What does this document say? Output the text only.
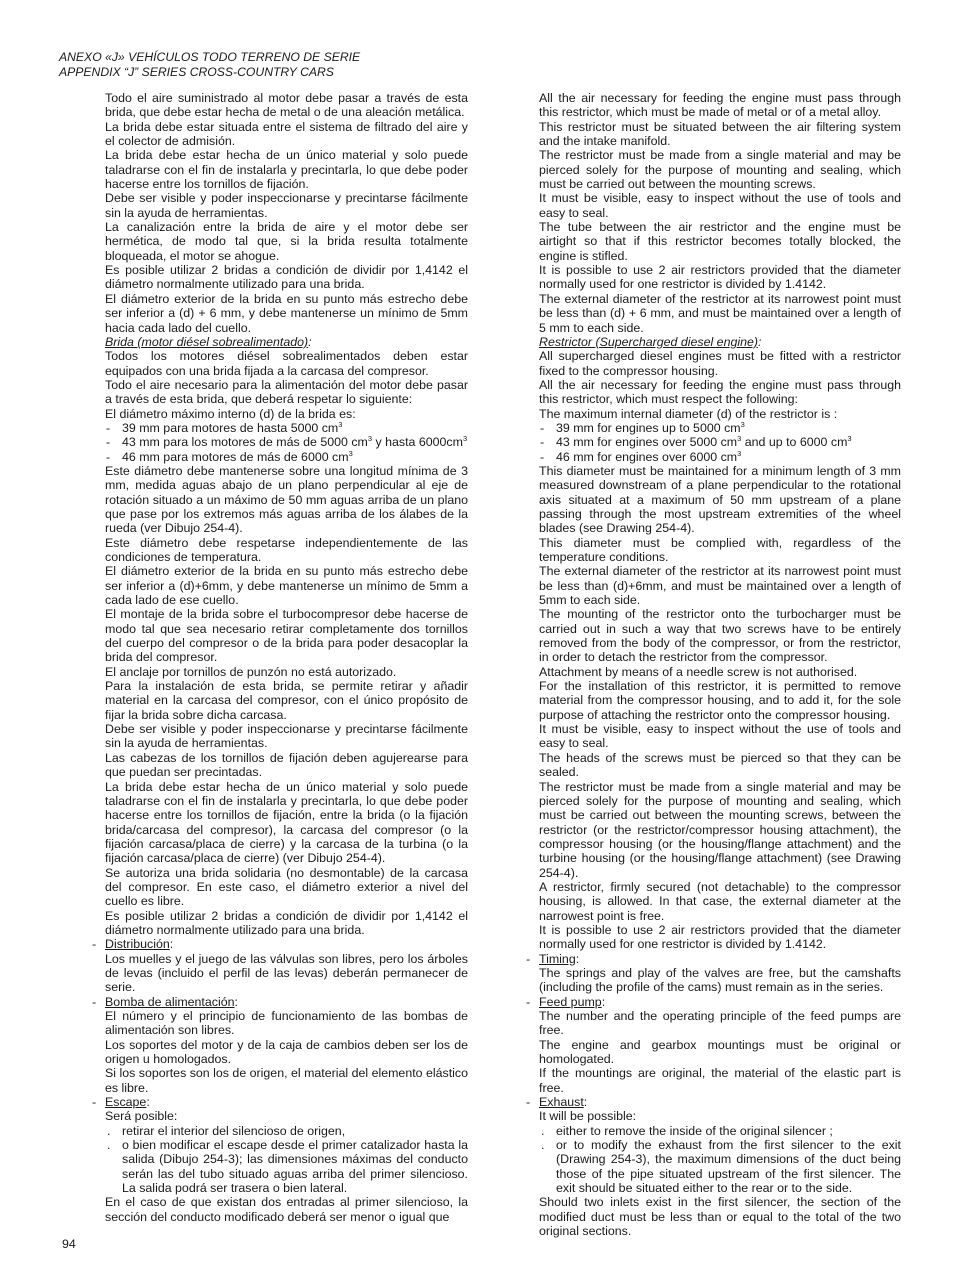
ANEXO «J» VEHÍCULOS TODO TERRENO DE SERIE
APPENDIX “J” SERIES CROSS-COUNTRY CARS

Todo el aire suministrado al motor debe pasar a través de esta brida, que debe estar hecha de metal o de una aleación metálica.

La brida debe estar situada entre el sistema de filtrado del aire y el colector de admisión.

La brida debe estar hecha de un único material y solo puede taladrarse con el fin de instalarla y precintarla, lo que debe poder hacerse entre los tornillos de fijación.

Debe ser visible y poder inspeccionarse y precintarse fácilmente sin la ayuda de herramientas.

La canalización entre la brida de aire y el motor debe ser hermética, de modo tal que, si la brida resulta totalmente bloqueada, el motor se ahogue.

Es posible utilizar 2 bridas a condición de dividir por 1,4142 el diámetro normalmente utilizado para una brida.

El diámetro exterior de la brida en su punto más estrecho debe ser inferior a (d) + 6 mm, y debe mantenerse un mínimo de 5mm hacia cada lado del cuello.

Brida (motor diésel sobrealimentado):

Todos los motores diésel sobrealimentados deben estar equipados con una brida fijada a la carcasa del compresor.

Todo el aire necesario para la alimentación del motor debe pasar a través de esta brida, que deberá respetar lo siguiente:

El diámetro máximo interno (d) de la brida es:

- 39 mm para motores de hasta 5000 $cm^3$
- 43 mm para los motores de más de 5000 $cm^3$ y hasta $6000cm^3$
- 46 mm para motores de más de 6000 $cm^3$

Este diámetro debe mantenerse sobre una longitud mínima de 3 mm, medida aguas abajo de un plano perpendicular al eje de rotación situado a un máximo de 50 mm aguas arriba de un plano que pase por los extremos más aguas arriba de los álabes de la rueda (ver Dibujo 254-4).

Este diámetro debe respetarse independientemente de las condiciones de temperatura.

El diámetro exterior de la brida en su punto más estrecho debe ser inferior a (d)+6mm, y debe mantenerse un mínimo de 5mm a cada lado de ese cuello.

El montaje de la brida sobre el turbocompresor debe hacerse de modo tal que sea necesario retirar completamente dos tornillos del cuerpo del compresor o de la brida para poder desacoplar la brida del compresor.

El anclaje por tornillos de punzón no está autorizado.

Para la instalación de esta brida, se permite retirar y añadir material en la carcasa del compresor, con el único propósito de fijar la brida sobre dicha carcasa.

Debe ser visible y poder inspeccionarse y precintarse fácilmente sin la ayuda de herramientas.

Las cabezas de los tornillos de fijación deben agujerearse para que puedan ser precintadas.

La brida debe estar hecha de un único material y solo puede taladrarse con el fin de instalarla y precintarla, lo que debe poder hacerse entre los tornillos de fijación, entre la brida (o la fijación brida/carcasa del compresor), la carcasa del compresor (o la fijación carcasa/placa de cierre) y la carcasa de la turbina (o la fijación carcasa/placa de cierre) (ver Dibujo 254-4).

Se autoriza una brida solidaria (no desmontable) de la carcasa del compresor. En este caso, el diámetro exterior a nivel del cuello es libre.

Es posible utilizar 2 bridas a condición de dividir por 1,4142 el diámetro normalmente utilizado para una brida.

- Distribución:

Los muelles y el juego de las válvulas son libres, pero los árboles de levas (incluido el perfil de las levas) deberán permanecer de serie.

- Bomba de alimentación:

El número y el principio de funcionamiento de las bombas de alimentación son libres.

Los soportes del motor y de la caja de cambios deben ser los de origen u homologados.

Si los soportes son los de origen, el material del elemento elástico es libre.

- Escape:

Será posible:

. retirar el interior del silencioso de origen,
. o bien modificar el escape desde el primer catalizador hasta la salida (Dibujo 254-3); las dimensiones máximas del conducto serán las del tubo situado aguas arriba del primer silencioso. La salida podrá ser trasera o bien lateral.

En el caso de que existan dos entradas al primer silencioso, la sección del conducto modificado deberá ser menor o igual que

All the air necessary for feeding the engine must pass through this restrictor, which must be made of metal or of a metal alloy.

This restrictor must be situated between the air filtering system and the intake manifold.

The restrictor must be made from a single material and may be pierced solely for the purpose of mounting and sealing, which must be carried out between the mounting screws.

It must be visible, easy to inspect without the use of tools and easy to seal.

The tube between the air restrictor and the engine must be airtight so that if this restrictor becomes totally blocked, the engine is stifled.

It is possible to use 2 air restrictors provided that the diameter normally used for one restrictor is divided by 1.4142.

The external diameter of the restrictor at its narrowest point must be less than (d) + 6 mm, and must be maintained over a length of 5 mm to each side.

Restrictor (Supercharged diesel engine):

All supercharged diesel engines must be fitted with a restrictor fixed to the compressor housing.

All the air necessary for feeding the engine must pass through this restrictor, which must respect the following:

The maximum internal diameter (d) of the restrictor is :

- 39 mm for engines up to 5000 $cm^3$
- 43 mm for engines over 5000 $cm^3$ and up to 6000 $cm^3$
- 46 mm for engines over 6000 $cm^3$

This diameter must be maintained for a minimum length of 3 mm measured downstream of a plane perpendicular to the rotational axis situated at a maximum of 50 mm upstream of a plane passing through the most upstream extremities of the wheel blades (see Drawing 254-4).

This diameter must be complied with, regardless of the temperature conditions.

The external diameter of the restrictor at its narrowest point must be less than (d)+6mm, and must be maintained over a length of 5mm to each side.

The mounting of the restrictor onto the turbocharger must be carried out in such a way that two screws have to be entirely removed from the body of the compressor, or from the restrictor, in order to detach the restrictor from the compressor.

Attachment by means of a needle screw is not authorised.

For the installation of this restrictor, it is permitted to remove material from the compressor housing, and to add it, for the sole purpose of attaching the restrictor onto the compressor housing.

It must be visible, easy to inspect without the use of tools and easy to seal.

The heads of the screws must be pierced so that they can be sealed.

The restrictor must be made from a single material and may be pierced solely for the purpose of mounting and sealing, which must be carried out between the mounting screws, between the restrictor (or the restrictor/compressor housing attachment), the compressor housing (or the housing/flange attachment) and the turbine housing (or the housing/flange attachment) (see Drawing 254-4).

A restrictor, firmly secured (not detachable) to the compressor housing, is allowed. In that case, the external diameter at the narrowest point is free.

It is possible to use 2 air restrictors provided that the diameter normally used for one restrictor is divided by 1.4142.

- Timing:

The springs and play of the valves are free, but the camshafts (including the profile of the cams) must remain as in the series.

- Feed pump:

The number and the operating principle of the feed pumps are free.

The engine and gearbox mountings must be original or homologated.

If the mountings are original, the material of the elastic part is free.

- Exhaust:

It will be possible:

. either to remove the inside of the original silencer ;
. or to modify the exhaust from the first silencer to the exit (Drawing 254-3), the maximum dimensions of the duct being those of the pipe situated upstream of the first silencer. The exit should be situated either to the rear or to the side.

Should two inlets exist in the first silencer, the section of the modified duct must be less than or equal to the total of the two original sections.

94
